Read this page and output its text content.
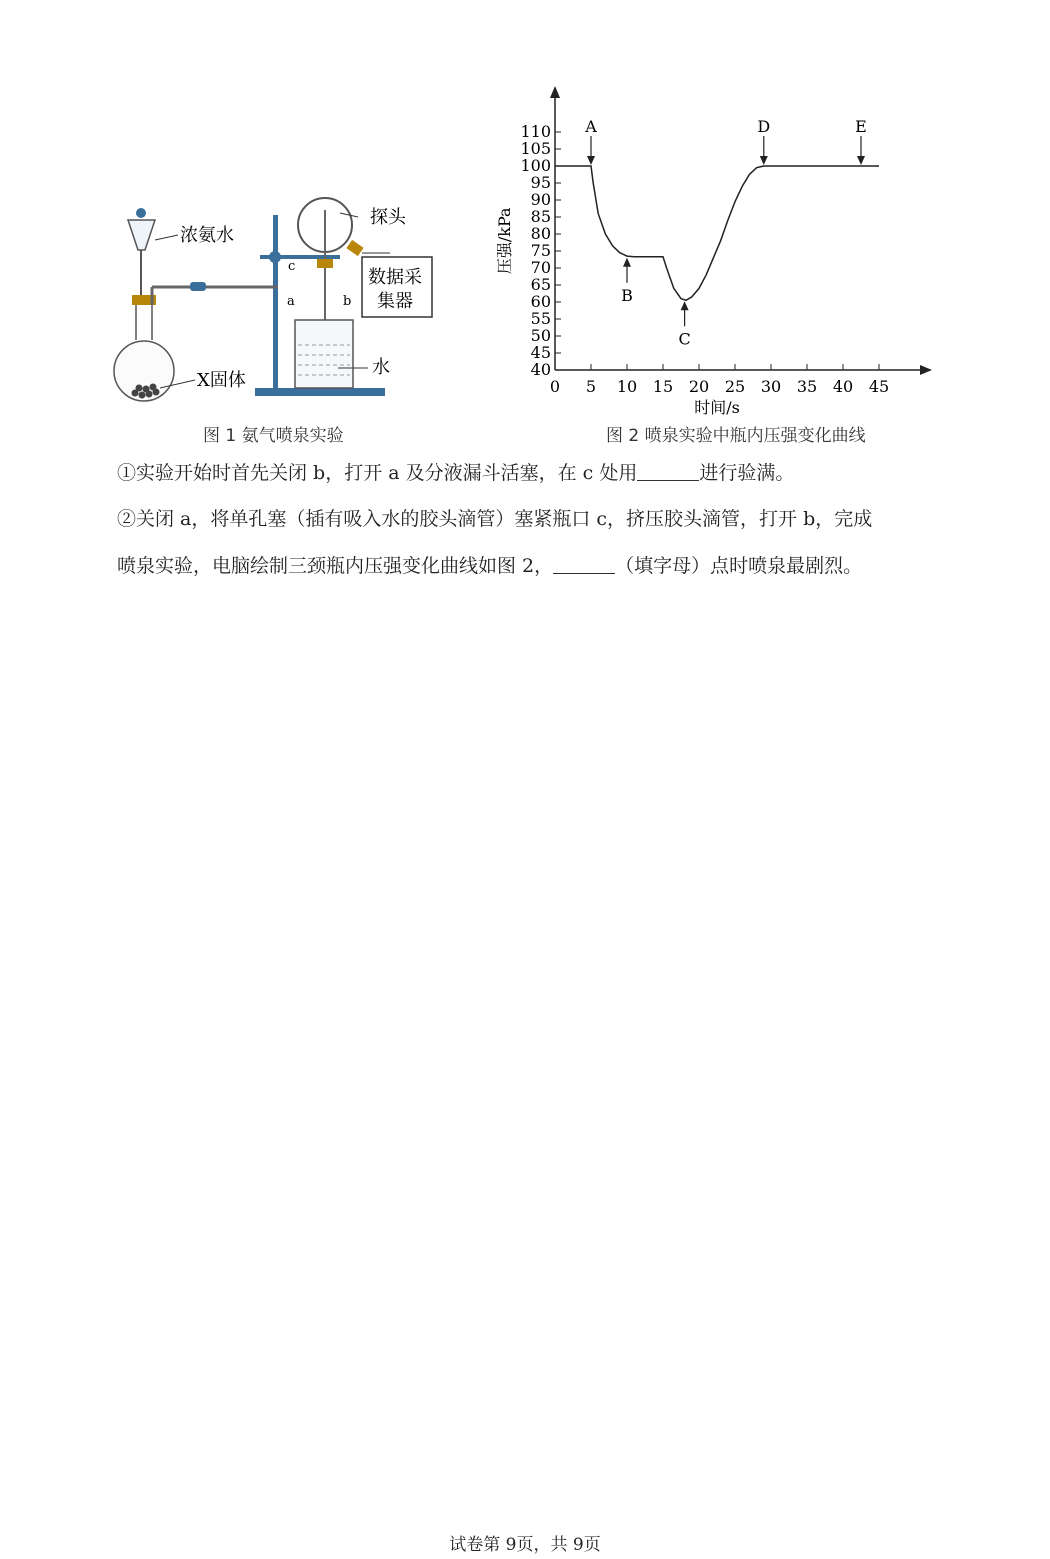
浓氨水
探头
数据采
集器
c
a	b
水
X固体
40
45
50
55
60
65
70
75
80
85
90
95
100
105
110
0 5 10 15 20 25 30 35 40 45
A
B
C
D	E
时间/s
压强/kPa
图 1 氨气喷泉实验	图 2 喷泉实验中瓶内压强变化曲线
①实验开始时首先关闭 b，打开 a 及分液漏斗活塞，在 c 处用	进行验满。
②关闭 a，将单孔塞（插有吸入水的胶头滴管）塞紧瓶口 c，挤压胶头滴管，打开 b，完成
喷泉实验，电脑绘制三颈瓶内压强变化曲线如图 2，	（填字母）点时喷泉最剧烈。
试卷第 9页，共 9页
